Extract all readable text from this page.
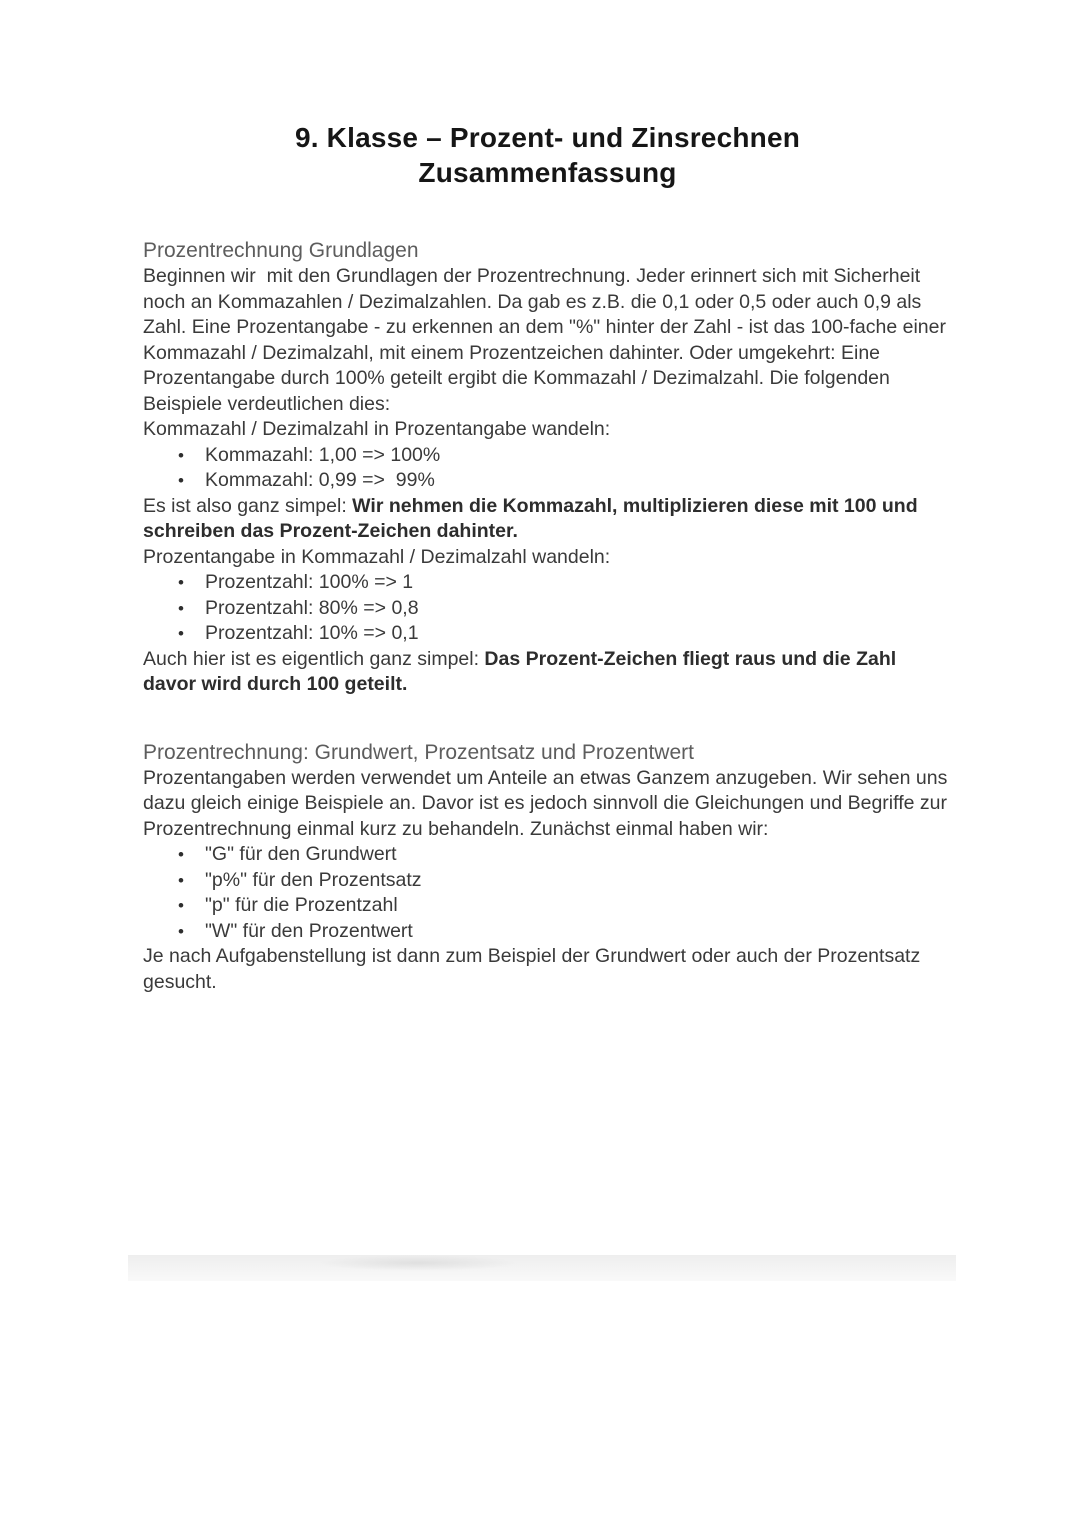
9. Klasse – Prozent- und Zinsrechnen
Zusammenfassung
Prozentrechnung Grundlagen

Beginnen wir  mit den Grundlagen der Prozentrechnung. Jeder erinnert sich mit Sicherheit noch an Kommazahlen / Dezimalzahlen. Da gab es z.B. die 0,1 oder 0,5 oder auch 0,9 als Zahl. Eine Prozentangabe - zu erkennen an dem "%" hinter der Zahl - ist das 100-fache einer Kommazahl / Dezimalzahl, mit einem Prozentzeichen dahinter. Oder umgekehrt: Eine Prozentangabe durch 100% geteilt ergibt die Kommazahl / Dezimalzahl. Die folgenden Beispiele verdeutlichen dies:

Kommazahl / Dezimalzahl in Prozentangabe wandeln:

• Kommazahl: 1,00 => 100%
• Kommazahl: 0,99 =>  99%

Es ist also ganz simpel: Wir nehmen die Kommazahl, multiplizieren diese mit 100 und schreiben das Prozent-Zeichen dahinter.

Prozentangabe in Kommazahl / Dezimalzahl wandeln:

• Prozentzahl: 100% => 1
• Prozentzahl: 80% => 0,8
• Prozentzahl: 10% => 0,1

Auch hier ist es eigentlich ganz simpel: Das Prozent-Zeichen fliegt raus und die Zahl davor wird durch 100 geteilt.

Prozentrechnung: Grundwert, Prozentsatz und Prozentwert

Prozentangaben werden verwendet um Anteile an etwas Ganzem anzugeben. Wir sehen uns dazu gleich einige Beispiele an. Davor ist es jedoch sinnvoll die Gleichungen und Begriffe zur Prozentrechnung einmal kurz zu behandeln. Zunächst einmal haben wir:

• "G" für den Grundwert
• "p%" für den Prozentsatz
• "p" für die Prozentzahl
• "W" für den Prozentwert

Je nach Aufgabenstellung ist dann zum Beispiel der Grundwert oder auch der Prozentsatz gesucht.
